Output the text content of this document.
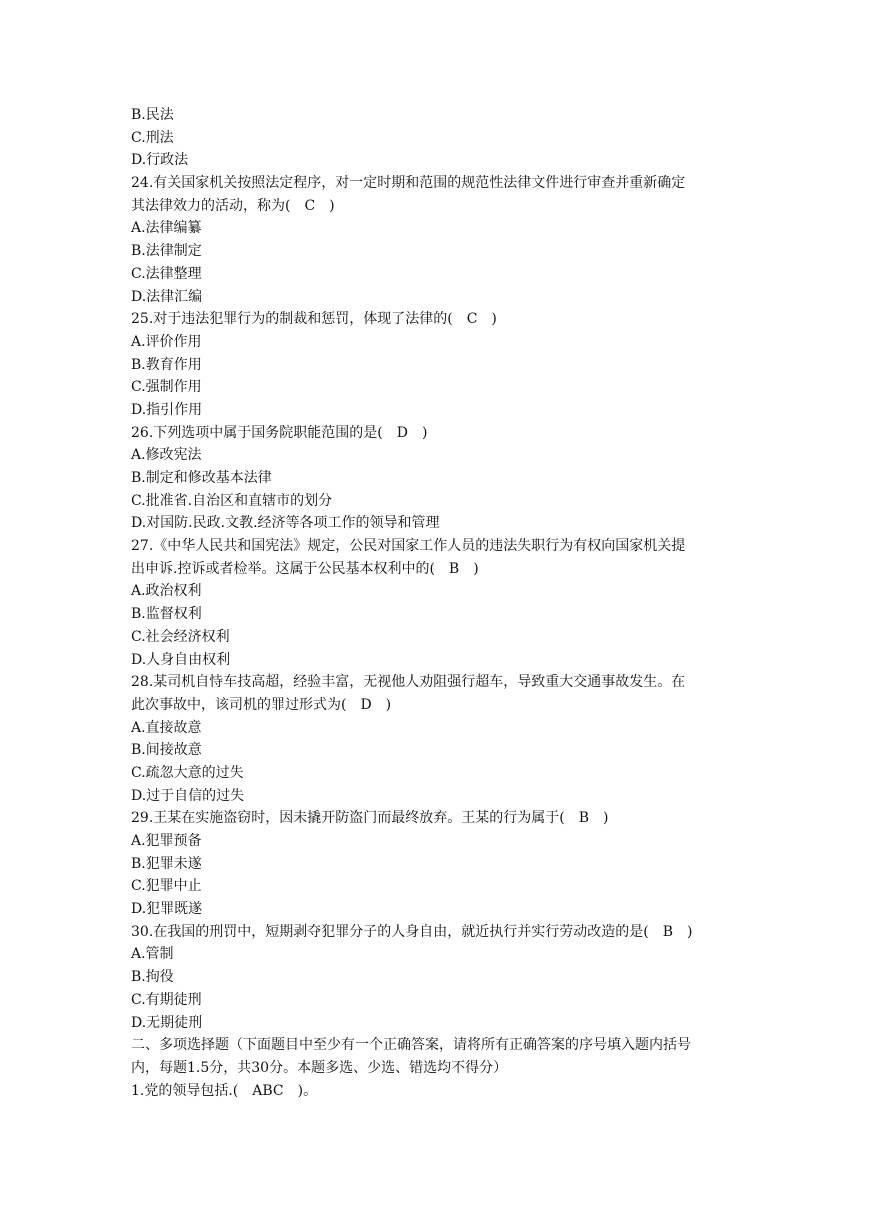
B.民法
C.刑法
D.行政法
24.有关国家机关按照法定程序，对一定时期和范围的规范性法律文件进行审查并重新确定
其法律效力的活动，称为(　C　)
A.法律编纂
B.法律制定
C.法律整理
D.法律汇编
25.对于违法犯罪行为的制裁和惩罚，体现了法律的(　C　)
A.评价作用
B.教育作用
C.强制作用
D.指引作用
26.下列选项中属于国务院职能范围的是(　D　)
A.修改宪法
B.制定和修改基本法律
C.批准省.自治区和直辖市的划分
D.对国防.民政.文教.经济等各项工作的领导和管理
27.《中华人民共和国宪法》规定，公民对国家工作人员的违法失职行为有权向国家机关提
出申诉.控诉或者检举。这属于公民基本权利中的(　B　)
A.政治权利
B.监督权利
C.社会经济权利
D.人身自由权利
28.某司机自恃车技高超，经验丰富，无视他人劝阻强行超车，导致重大交通事故发生。在
此次事故中，该司机的罪过形式为(　D　)
A.直接故意
B.间接故意
C.疏忽大意的过失
D.过于自信的过失
29.王某在实施盗窃时，因未撬开防盗门而最终放弃。王某的行为属于(　B　)
A.犯罪预备
B.犯罪未遂
C.犯罪中止
D.犯罪既遂
30.在我国的刑罚中，短期剥夺犯罪分子的人身自由，就近执行并实行劳动改造的是(　B　)
A.管制
B.拘役
C.有期徒刑
D.无期徒刑
二、多项选择题（下面题目中至少有一个正确答案，请将所有正确答案的序号填入题内括号
内，每题1.5分，共30分。本题多选、少选、错选均不得分）
1.党的领导包括.(　ABC　)。
